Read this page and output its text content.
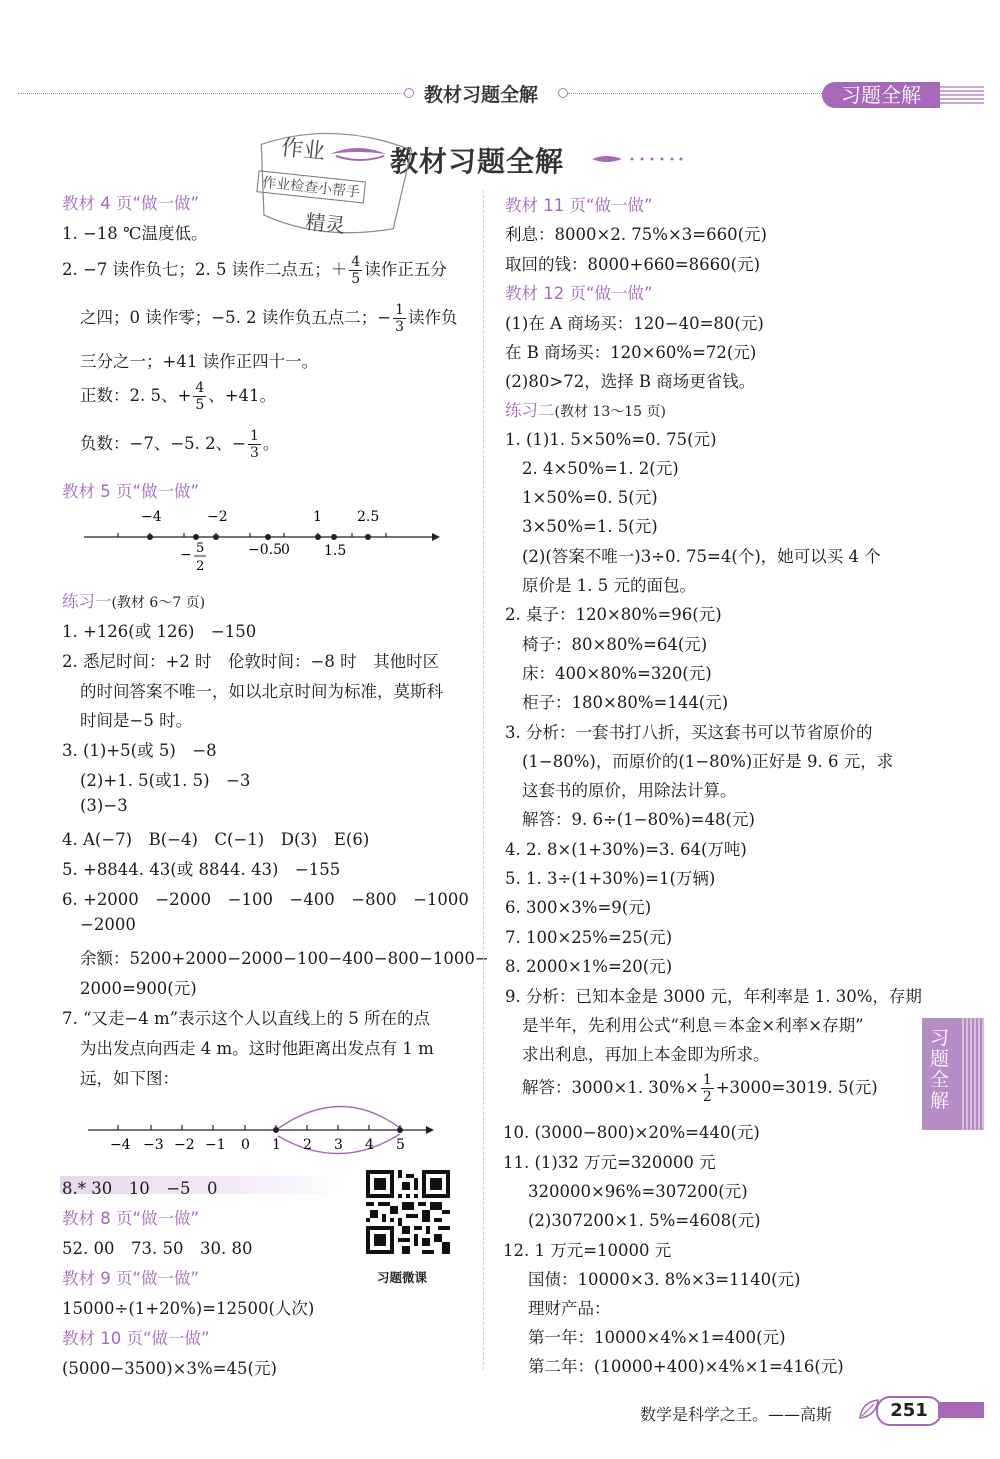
教材习题全解	习题全解
教材习题全解
作业
作业检查小帮手
精灵
教材 4 页“做一做”
1. −18 ℃温度低。
2. −7 读作负七；2. 5 读作二点五；＋ $\frac{4}{5}$ 读作正五分
之四；0 读作零；−5. 2 读作负五点二；− $\frac{1}{3}$ 读作负
三分之一；+41 读作正四十一。
正数：2. 5、+ $\frac{4}{5}$ 、+41。
负数：−7、−5. 2、− $\frac{1}{3}$ 。
教材 5 页“做一做”
−4	−2	1	2.5
−0.5 0 1.5
− 5
2
练习一(教材 6～7 页)
1. +126(或 126)　−150
2. 悉尼时间：+2 时　伦敦时间：−8 时　其他时区
的时间答案不唯一，如以北京时间为标准，莫斯科
时间是−5 时。
3. (1)+5(或 5)　−8
(2)+1. 5(或1. 5)　−3
(3)−3
4. A(−7)　B(−4)　C(−1)　D(3)　E(6)
5. +8844. 43(或 8844. 43)　−155
6. +2000　−2000　−100　−400　−800　−1000
−2000
余额：5200+2000−2000−100−400−800−1000−
2000=900(元)
7. “又走−4 m”表示这个人以直线上的 5 所在的点
为出发点向西走 4 m。这时他距离出发点有 1 m
远，如下图：
−4 −3 −2 −1 0 1 2 3 4 5
8.* 30　10　−5　0
教材 8 页“做一做”
52. 00　73. 50　30. 80
教材 9 页“做一做”
15000÷(1+20%)=12500(人次)
教材 10 页“做一做”
(5000−3500)×3%=45(元)
习题微课
教材 11 页“做一做”
利息：8000×2. 75%×3=660(元)
取回的钱：8000+660=8660(元)
教材 12 页“做一做”
(1)在 A 商场买：120−40=80(元)
在 B 商场买：120×60%=72(元)
(2)80>72，选择 B 商场更省钱。
练习二(教材 13～15 页)
1. (1)1. 5×50%=0. 75(元)
2. 4×50%=1. 2(元)
1×50%=0. 5(元)
3×50%=1. 5(元)
(2)(答案不唯一)3÷0. 75=4(个)，她可以买 4 个
原价是 1. 5 元的面包。
2. 桌子：120×80%=96(元)
椅子：80×80%=64(元)
床：400×80%=320(元)
柜子：180×80%=144(元)
3. 分析：一套书打八折，买这套书可以节省原价的
(1−80%)，而原价的(1−80%)正好是 9. 6 元，求
这套书的原价，用除法计算。
解答：9. 6÷(1−80%)=48(元)
4. 2. 8×(1+30%)=3. 64(万吨)
5. 1. 3÷(1+30%)=1(万辆)
6. 300×3%=9(元)
7. 100×25%=25(元)
8. 2000×1%=20(元)
9. 分析：已知本金是 3000 元，年利率是 1. 30%，存期
是半年，先利用公式“利息＝本金×利率×存期”
求出利息，再加上本金即为所求。
解答：3000×1. $30\%\times \frac{1}{2} +3000=3019$. 5(元)
10. (3000−800)×20%=440(元)
11. (1)32 万元=320000 元
320000×96%=307200(元)
(2)307200×1. 5%=4608(元)
12. 1 万元=10000 元
国债：10000×3. 8%×3=1140(元)
理财产品：
第一年：10000×4%×1=400(元)
第二年：(10000+400)×4%×1=416(元)
习题全解
数学是科学之王。——高斯	251
